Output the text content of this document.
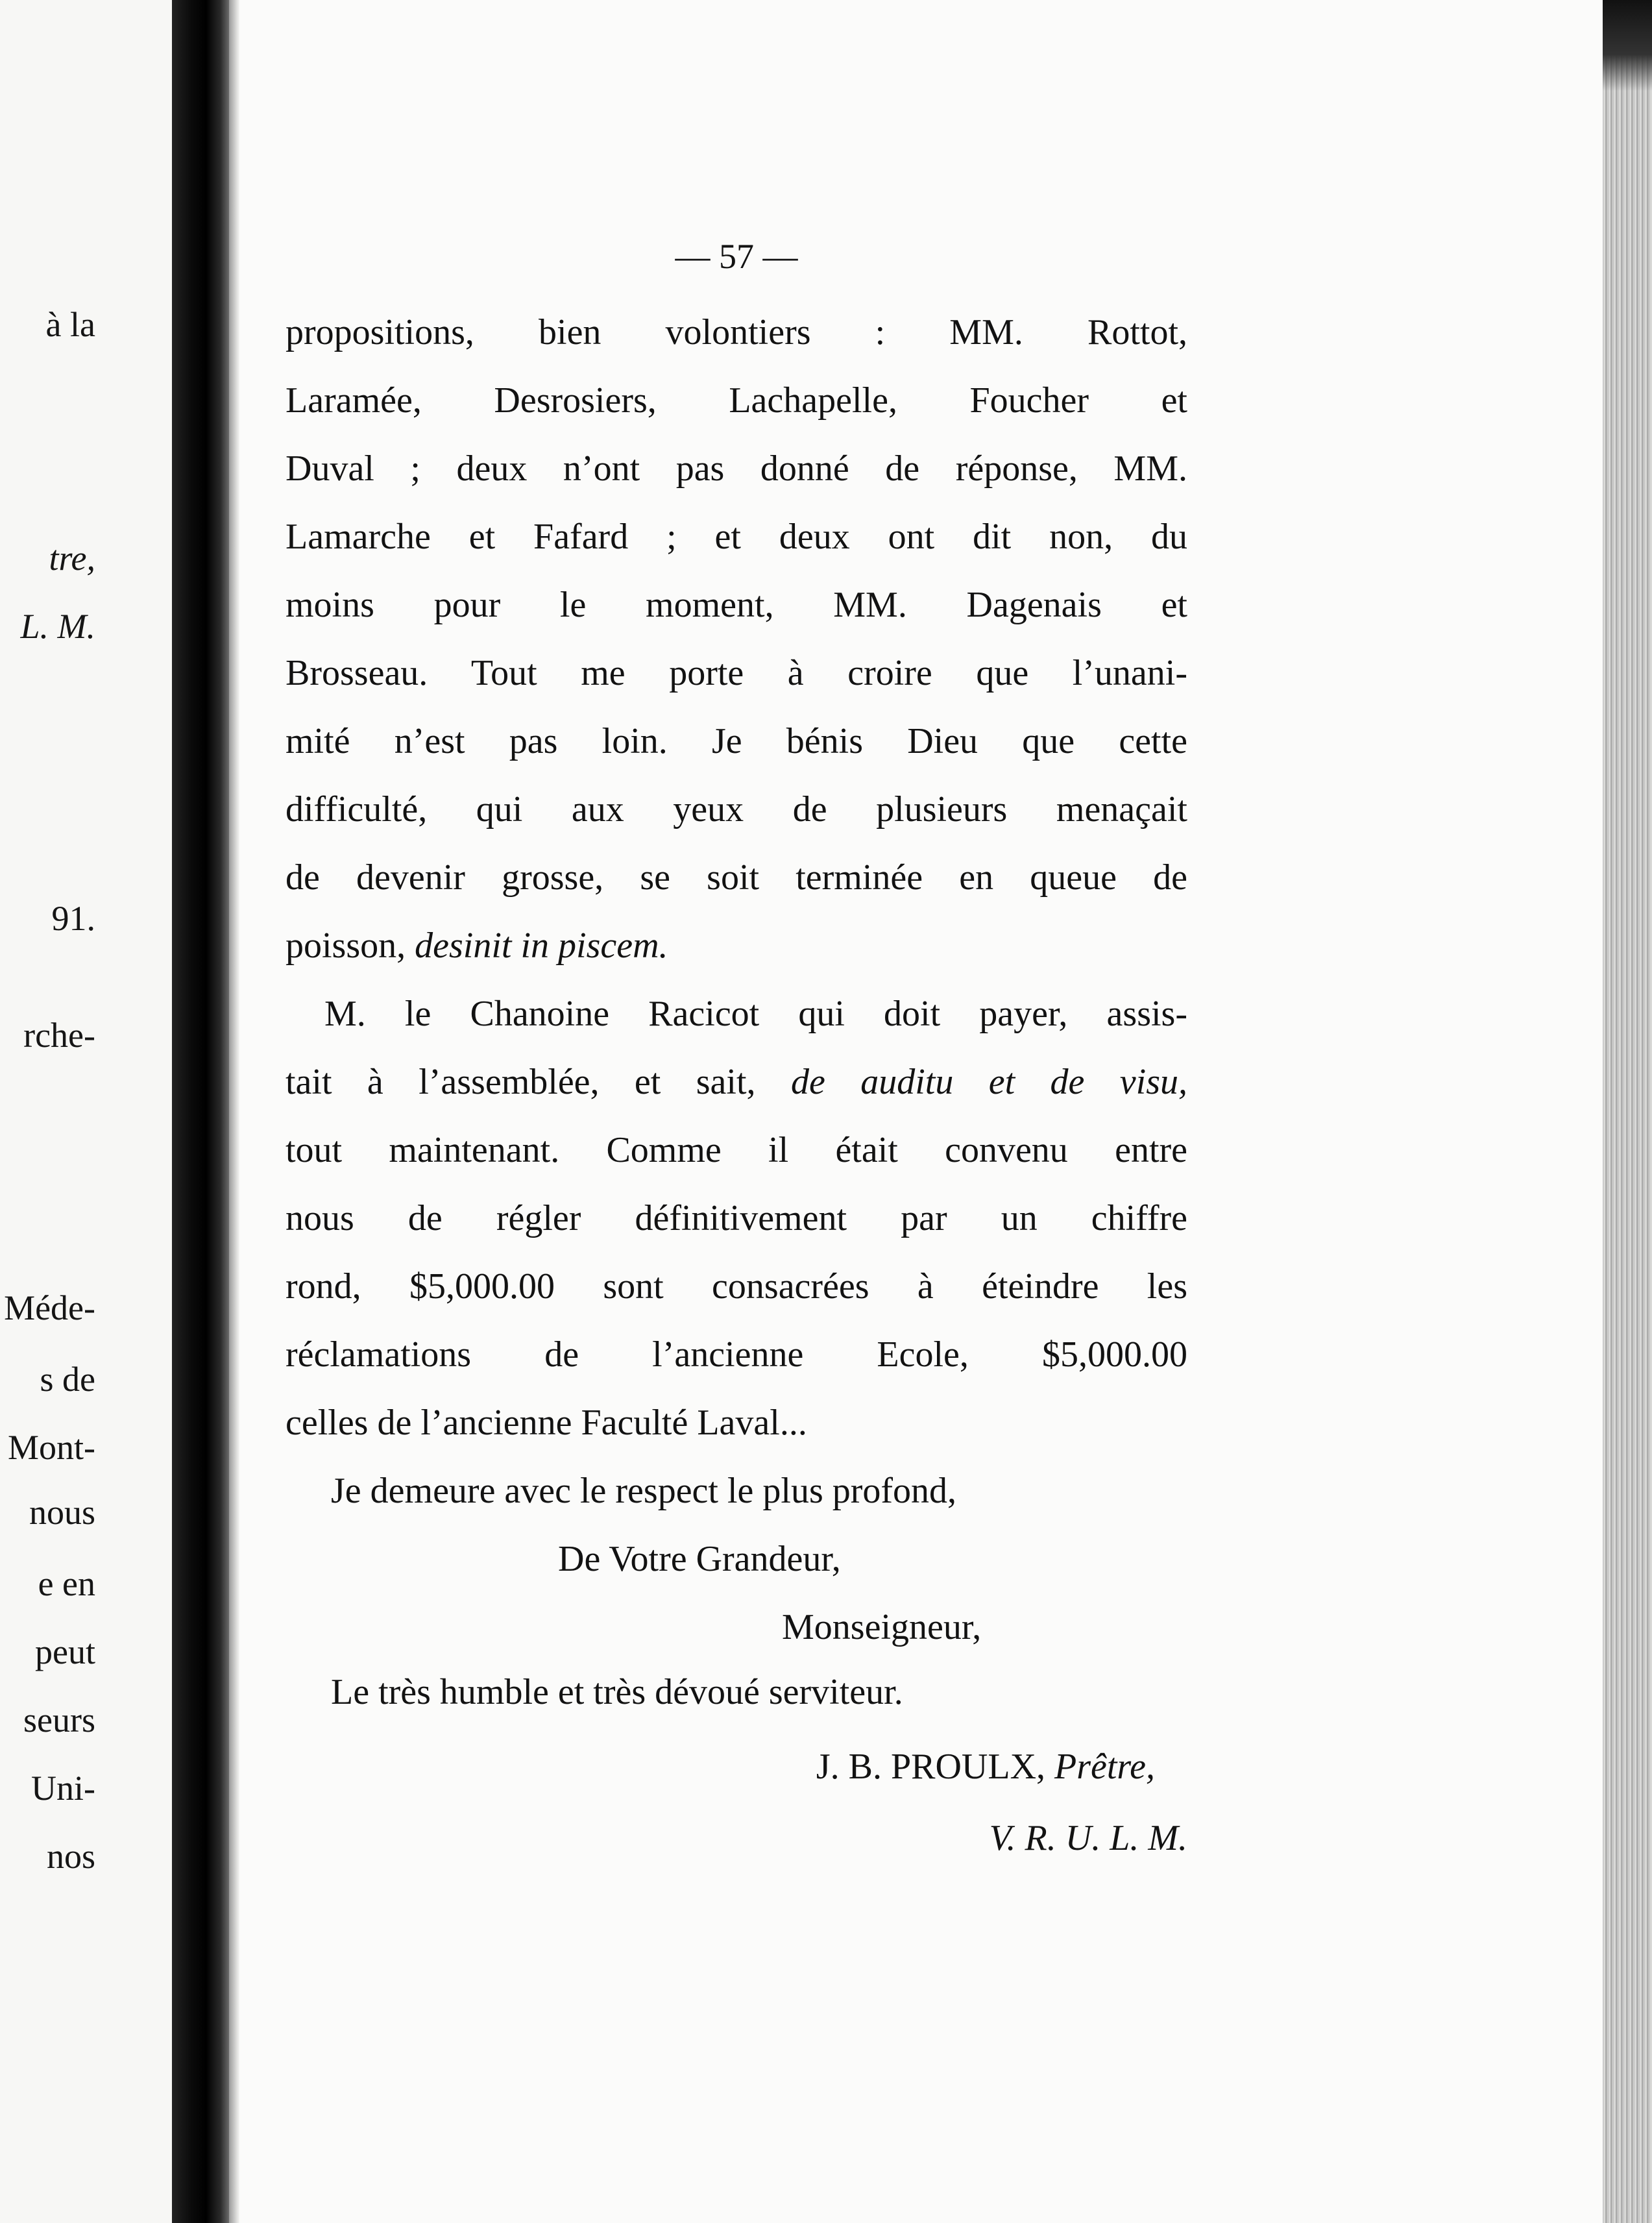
à la
tre,
L. M.
91.
rche-
Méde-
s de
Mont-
nous
e en
peut
seurs
Uni-
nos
— 57 —
propositions, bien volontiers : MM. Rottot,
Laramée, Desrosiers, Lachapelle, Foucher et
Duval ; deux n’ont pas donné de réponse, MM.
Lamarche et Fafard ; et deux ont dit non, du
moins pour le moment, MM. Dagenais et
Brosseau. Tout me porte à croire que l’unani-
mité n’est pas loin. Je bénis Dieu que cette
difficulté, qui aux yeux de plusieurs menaçait
de devenir grosse, se soit terminée en queue de
poisson, desinit in piscem.
M. le Chanoine Racicot qui doit payer, assis-
tait à l’assemblée, et sait, de auditu et de visu,
tout maintenant. Comme il était convenu entre
nous de régler définitivement par un chiffre
rond, $5,000.00 sont consacrées à éteindre les
réclamations de l’ancienne Ecole, $5,000.00
celles de l’ancienne Faculté Laval...
Je demeure avec le respect le plus profond,
De Votre Grandeur,
Monseigneur,
Le très humble et très dévoué serviteur.
J. B. PROULX, Prêtre,
V. R. U. L. M.
